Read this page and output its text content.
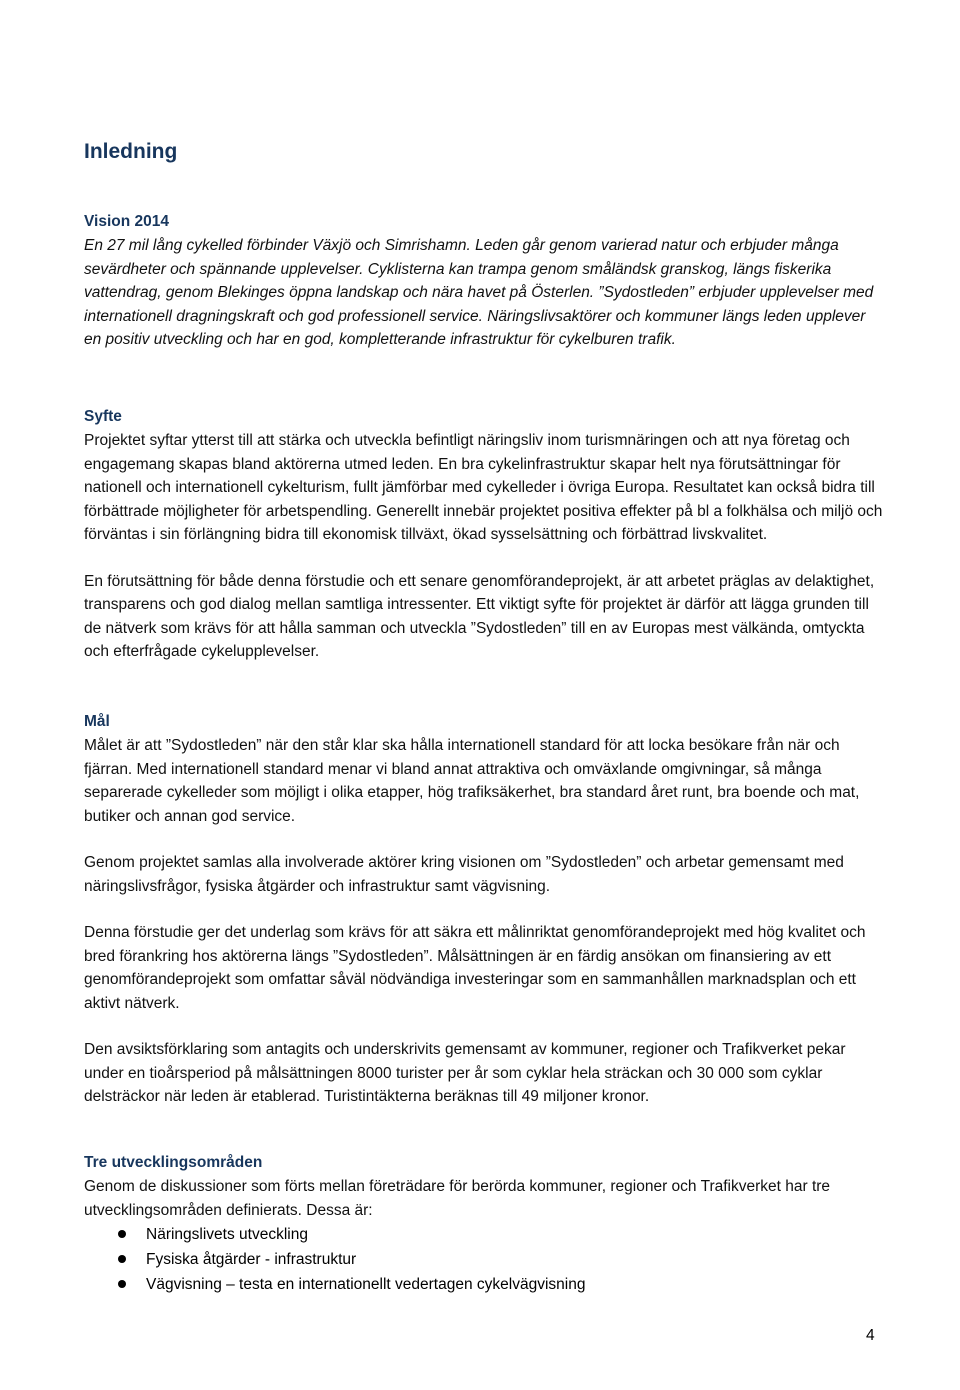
Inledning
Vision 2014

En 27 mil lång cykelled förbinder Växjö och Simrishamn. Leden går genom varierad natur och erbjuder många sevärdheter och spännande upplevelser. Cyklisterna kan trampa genom småländsk granskog, längs fiskerika vattendrag, genom Blekinges öppna landskap och nära havet på Österlen. ”Sydostleden” erbjuder upplevelser med internationell dragningskraft och god professionell service. Näringslivsaktörer och kommuner längs leden upplever en positiv utveckling och har en god, kompletterande infrastruktur för cykelburen trafik.

Syfte

Projektet syftar ytterst till att stärka och utveckla befintligt näringsliv inom turismnäringen och att nya företag och engagemang skapas bland aktörerna utmed leden. En bra cykelinfrastruktur skapar helt nya förutsättningar för nationell och internationell cykelturism, fullt jämförbar med cykelleder i övriga Europa. Resultatet kan också bidra till förbättrade möjligheter för arbetspendling. Generellt innebär projektet positiva effekter på bl a folkhälsa och miljö och förväntas i sin förlängning bidra till ekonomisk tillväxt, ökad sysselsättning och förbättrad livskvalitet.

En förutsättning för både denna förstudie och ett senare genomförandeprojekt, är att arbetet präglas av delaktighet, transparens och god dialog mellan samtliga intressenter. Ett viktigt syfte för projektet är därför att lägga grunden till de nätverk som krävs för att hålla samman och utveckla ”Sydostleden” till en av Europas mest välkända, omtyckta och efterfrågade cykelupplevelser.

Mål

Målet är att ”Sydostleden” när den står klar ska hålla internationell standard för att locka besökare från när och fjärran. Med internationell standard menar vi bland annat attraktiva och omväxlande omgivningar, så många separerade cykelleder som möjligt i olika etapper, hög trafiksäkerhet, bra standard året runt, bra boende och mat, butiker och annan god service.

Genom projektet samlas alla involverade aktörer kring visionen om ”Sydostleden” och arbetar gemensamt med näringslivsfrågor, fysiska åtgärder och infrastruktur samt vägvisning.

Denna förstudie ger det underlag som krävs för att säkra ett målinriktat genomförandeprojekt med hög kvalitet och bred förankring hos aktörerna längs ”Sydostleden”. Målsättningen är en färdig ansökan om finansiering av ett genomförandeprojekt som omfattar såväl nödvändiga investeringar som en sammanhållen marknadsplan och ett aktivt nätverk.

Den avsiktsförklaring som antagits och underskrivits gemensamt av kommuner, regioner och Trafikverket pekar under en tioårsperiod på målsättningen 8000 turister per år som cyklar hela sträckan och 30 000 som cyklar delsträckor när leden är etablerad. Turistintäkterna beräknas till 49 miljoner kronor.

Tre utvecklingsområden

Genom de diskussioner som förts mellan företrädare för berörda kommuner, regioner och Trafikverket har tre utvecklingsområden definierats. Dessa är:

Näringslivets utveckling
Fysiska åtgärder - infrastruktur
Vägvisning – testa en internationellt vedertagen cykelvägvisning
4
